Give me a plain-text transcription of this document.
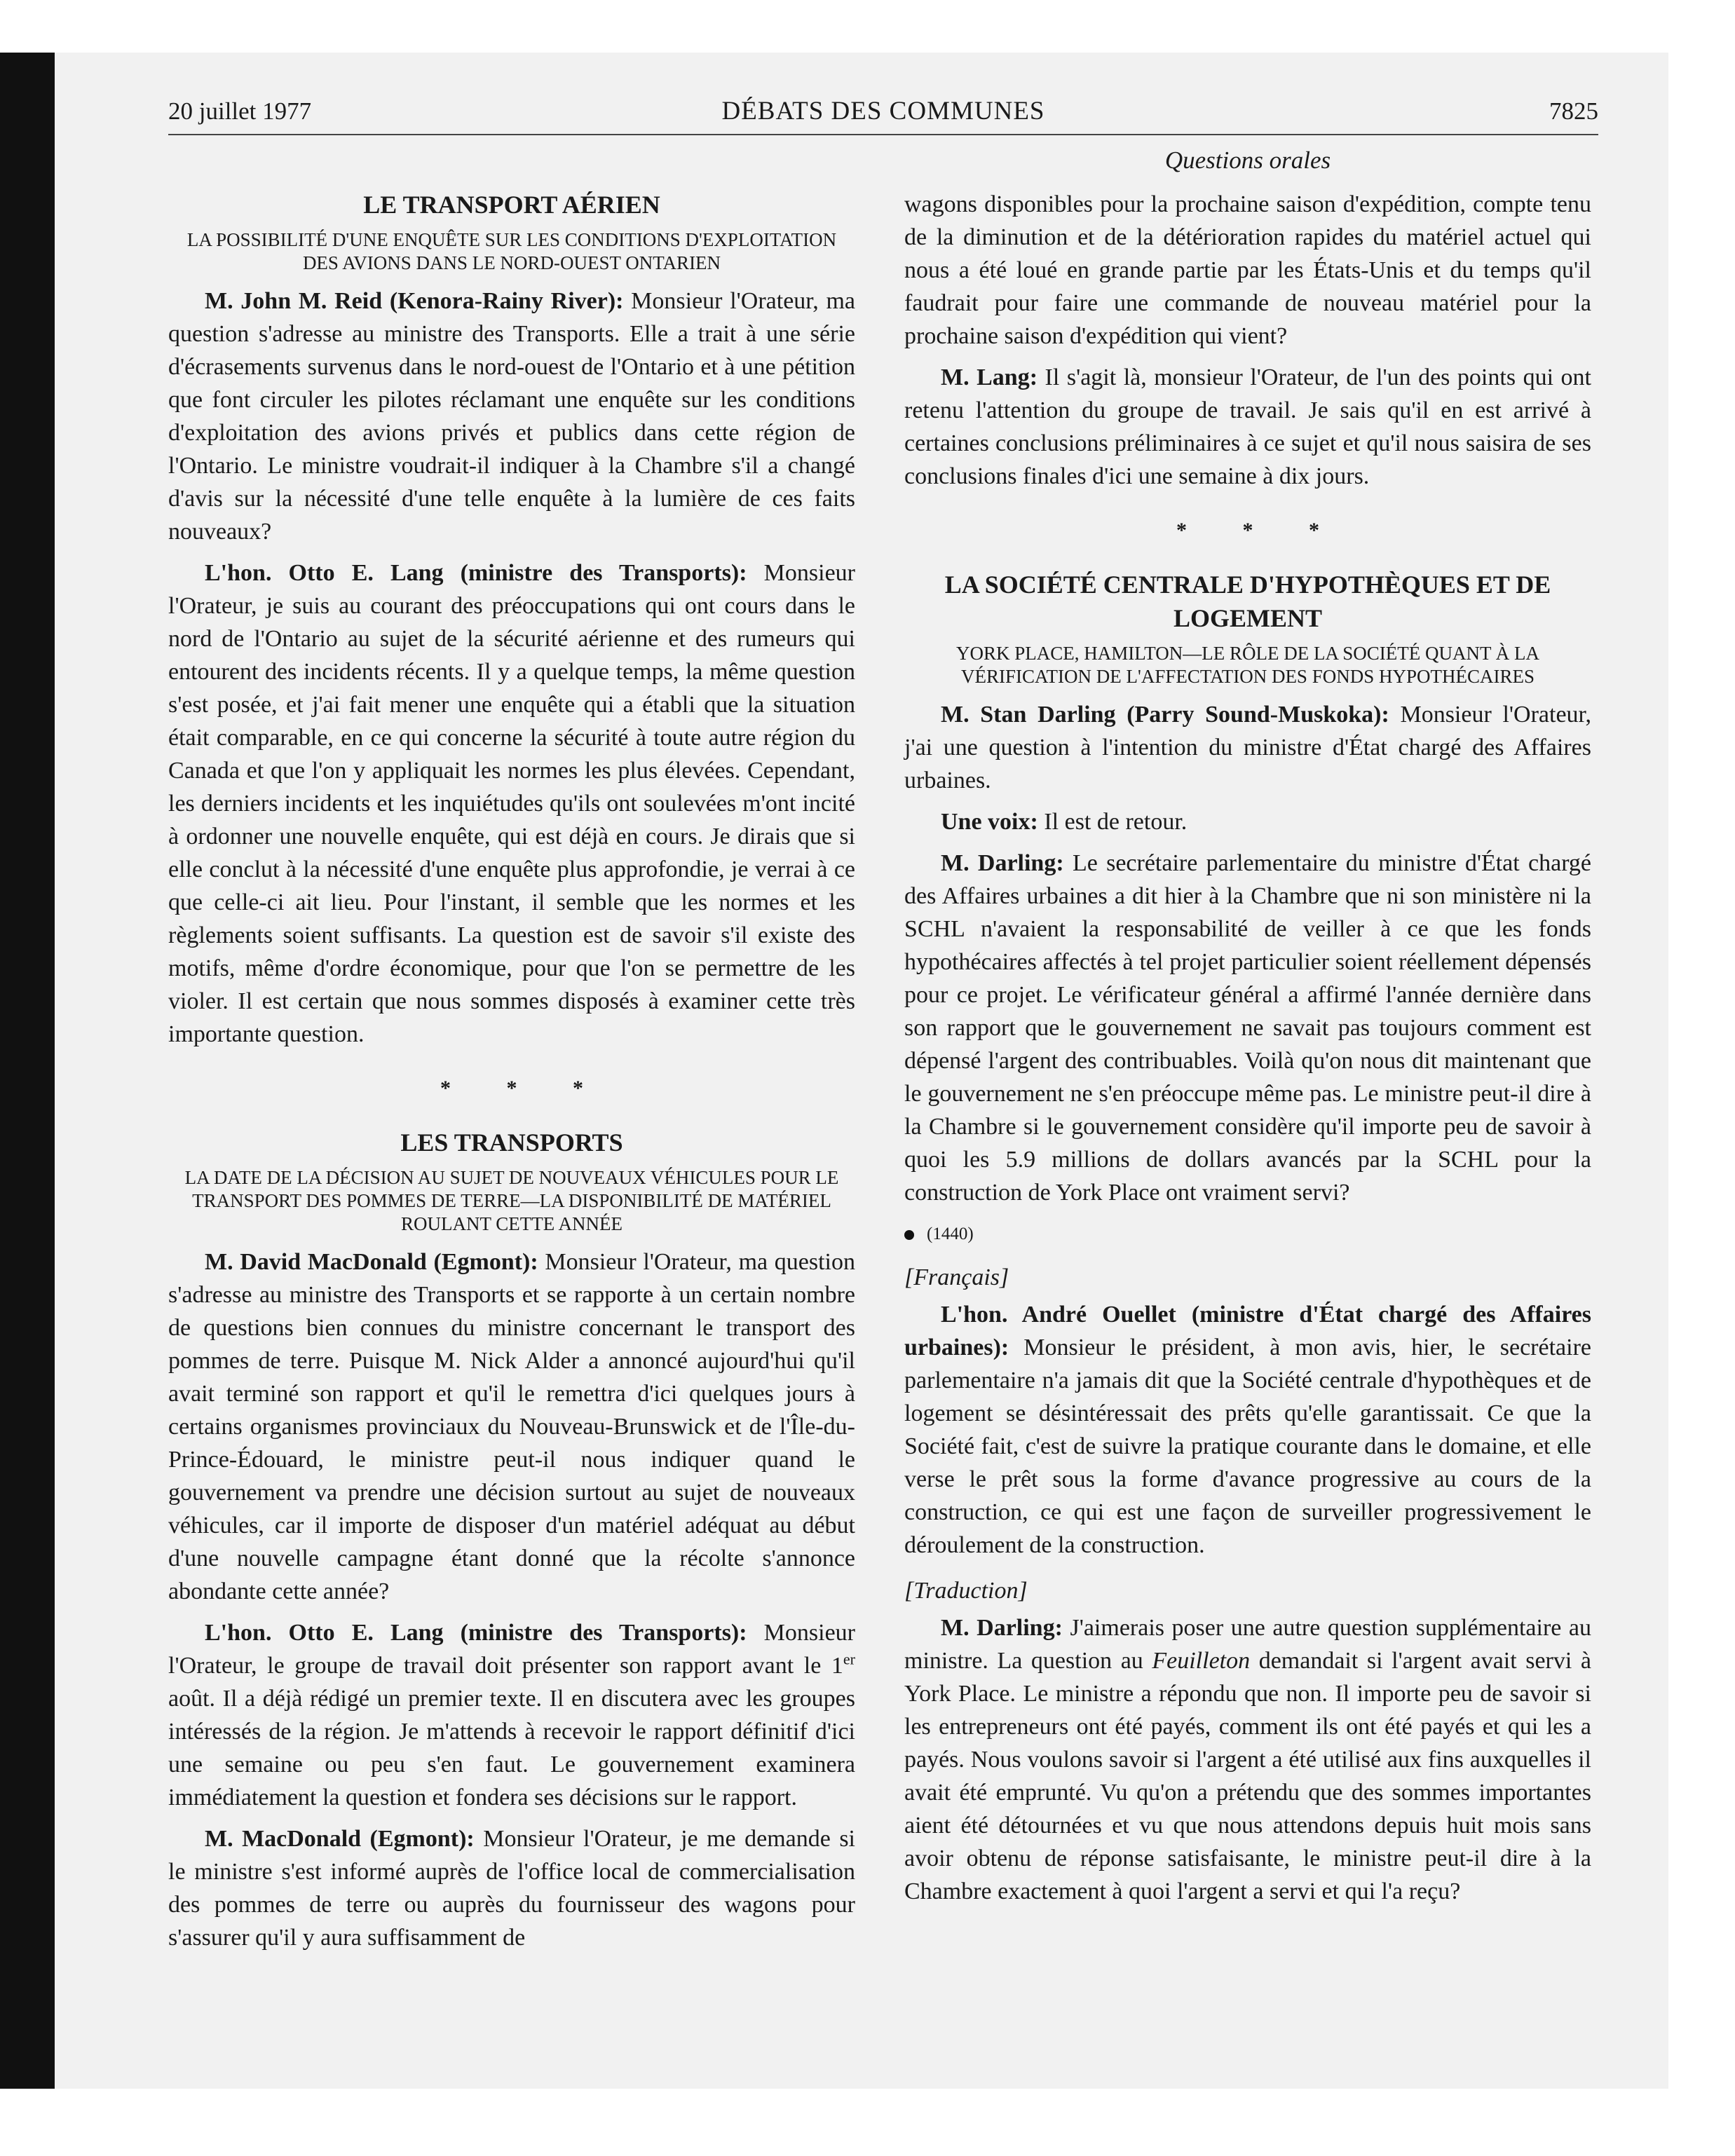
20 juillet 1977	DÉBATS DES COMMUNES	7825
Questions orales
LE TRANSPORT AÉRIEN
LA POSSIBILITÉ D'UNE ENQUÊTE SUR LES CONDITIONS D'EXPLOITATION DES AVIONS DANS LE NORD-OUEST ONTARIEN

M. John M. Reid (Kenora-Rainy River): Monsieur l'Orateur, ma question s'adresse au ministre des Transports. Elle a trait à une série d'écrasements survenus dans le nord-ouest de l'Ontario et à une pétition que font circuler les pilotes réclamant une enquête sur les conditions d'exploitation des avions privés et publics dans cette région de l'Ontario. Le ministre voudrait-il indiquer à la Chambre s'il a changé d'avis sur la nécessité d'une telle enquête à la lumière de ces faits nouveaux?

L'hon. Otto E. Lang (ministre des Transports): Monsieur l'Orateur, je suis au courant des préoccupations qui ont cours dans le nord de l'Ontario au sujet de la sécurité aérienne et des rumeurs qui entourent des incidents récents. Il y a quelque temps, la même question s'est posée, et j'ai fait mener une enquête qui a établi que la situation était comparable, en ce qui concerne la sécurité à toute autre région du Canada et que l'on y appliquait les normes les plus élevées. Cependant, les derniers incidents et les inquiétudes qu'ils ont soulevées m'ont incité à ordonner une nouvelle enquête, qui est déjà en cours. Je dirais que si elle conclut à la nécessité d'une enquête plus approfondie, je verrai à ce que celle-ci ait lieu. Pour l'instant, il semble que les normes et les règlements soient suffisants. La question est de savoir s'il existe des motifs, même d'ordre économique, pour que l'on se permettre de les violer. Il est certain que nous sommes disposés à examiner cette très importante question.

* * *
LES TRANSPORTS
LA DATE DE LA DÉCISION AU SUJET DE NOUVEAUX VÉHICULES POUR LE TRANSPORT DES POMMES DE TERRE—LA DISPONIBILITÉ DE MATÉRIEL ROULANT CETTE ANNÉE

M. David MacDonald (Egmont): Monsieur l'Orateur, ma question s'adresse au ministre des Transports et se rapporte à un certain nombre de questions bien connues du ministre concernant le transport des pommes de terre. Puisque M. Nick Alder a annoncé aujourd'hui qu'il avait terminé son rapport et qu'il le remettra d'ici quelques jours à certains organismes provinciaux du Nouveau-Brunswick et de l'Île-du-Prince-Édouard, le ministre peut-il nous indiquer quand le gouvernement va prendre une décision surtout au sujet de nouveaux véhicules, car il importe de disposer d'un matériel adéquat au début d'une nouvelle campagne étant donné que la récolte s'annonce abondante cette année?

L'hon. Otto E. Lang (ministre des Transports): Monsieur l'Orateur, le groupe de travail doit présenter son rapport avant le 1er août. Il a déjà rédigé un premier texte. Il en discutera avec les groupes intéressés de la région. Je m'attends à recevoir le rapport définitif d'ici une semaine ou peu s'en faut. Le gouvernement examinera immédiatement la question et fondera ses décisions sur le rapport.

M. MacDonald (Egmont): Monsieur l'Orateur, je me demande si le ministre s'est informé auprès de l'office local de commercialisation des pommes de terre ou auprès du fournisseur des wagons pour s'assurer qu'il y aura suffisamment de

wagons disponibles pour la prochaine saison d'expédition, compte tenu de la diminution et de la détérioration rapides du matériel actuel qui nous a été loué en grande partie par les États-Unis et du temps qu'il faudrait pour faire une commande de nouveau matériel pour la prochaine saison d'expédition qui vient?

M. Lang: Il s'agit là, monsieur l'Orateur, de l'un des points qui ont retenu l'attention du groupe de travail. Je sais qu'il en est arrivé à certaines conclusions préliminaires à ce sujet et qu'il nous saisira de ses conclusions finales d'ici une semaine à dix jours.

* * *
LA SOCIÉTÉ CENTRALE D'HYPOTHÈQUES ET DE LOGEMENT
YORK PLACE, HAMILTON—LE RÔLE DE LA SOCIÉTÉ QUANT À LA VÉRIFICATION DE L'AFFECTATION DES FONDS HYPOTHÉCAIRES

M. Stan Darling (Parry Sound-Muskoka): Monsieur l'Orateur, j'ai une question à l'intention du ministre d'État chargé des Affaires urbaines.

Une voix: Il est de retour.

M. Darling: Le secrétaire parlementaire du ministre d'État chargé des Affaires urbaines a dit hier à la Chambre que ni son ministère ni la SCHL n'avaient la responsabilité de veiller à ce que les fonds hypothécaires affectés à tel projet particulier soient réellement dépensés pour ce projet. Le vérificateur général a affirmé l'année dernière dans son rapport que le gouvernement ne savait pas toujours comment est dépensé l'argent des contribuables. Voilà qu'on nous dit maintenant que le gouvernement ne s'en préoccupe même pas. Le ministre peut-il dire à la Chambre si le gouvernement considère qu'il importe peu de savoir à quoi les 5.9 millions de dollars avancés par la SCHL pour la construction de York Place ont vraiment servi?

(1440)
[Français]

L'hon. André Ouellet (ministre d'État chargé des Affaires urbaines): Monsieur le président, à mon avis, hier, le secrétaire parlementaire n'a jamais dit que la Société centrale d'hypothèques et de logement se désintéressait des prêts qu'elle garantissait. Ce que la Société fait, c'est de suivre la pratique courante dans le domaine, et elle verse le prêt sous la forme d'avance progressive au cours de la construction, ce qui est une façon de surveiller progressivement le déroulement de la construction.

[Traduction]

M. Darling: J'aimerais poser une autre question supplémentaire au ministre. La question au Feuilleton demandait si l'argent avait servi à York Place. Le ministre a répondu que non. Il importe peu de savoir si les entrepreneurs ont été payés, comment ils ont été payés et qui les a payés. Nous voulons savoir si l'argent a été utilisé aux fins auxquelles il avait été emprunté. Vu qu'on a prétendu que des sommes importantes aient été détournées et vu que nous attendons depuis huit mois sans avoir obtenu de réponse satisfaisante, le ministre peut-il dire à la Chambre exactement à quoi l'argent a servi et qui l'a reçu?
